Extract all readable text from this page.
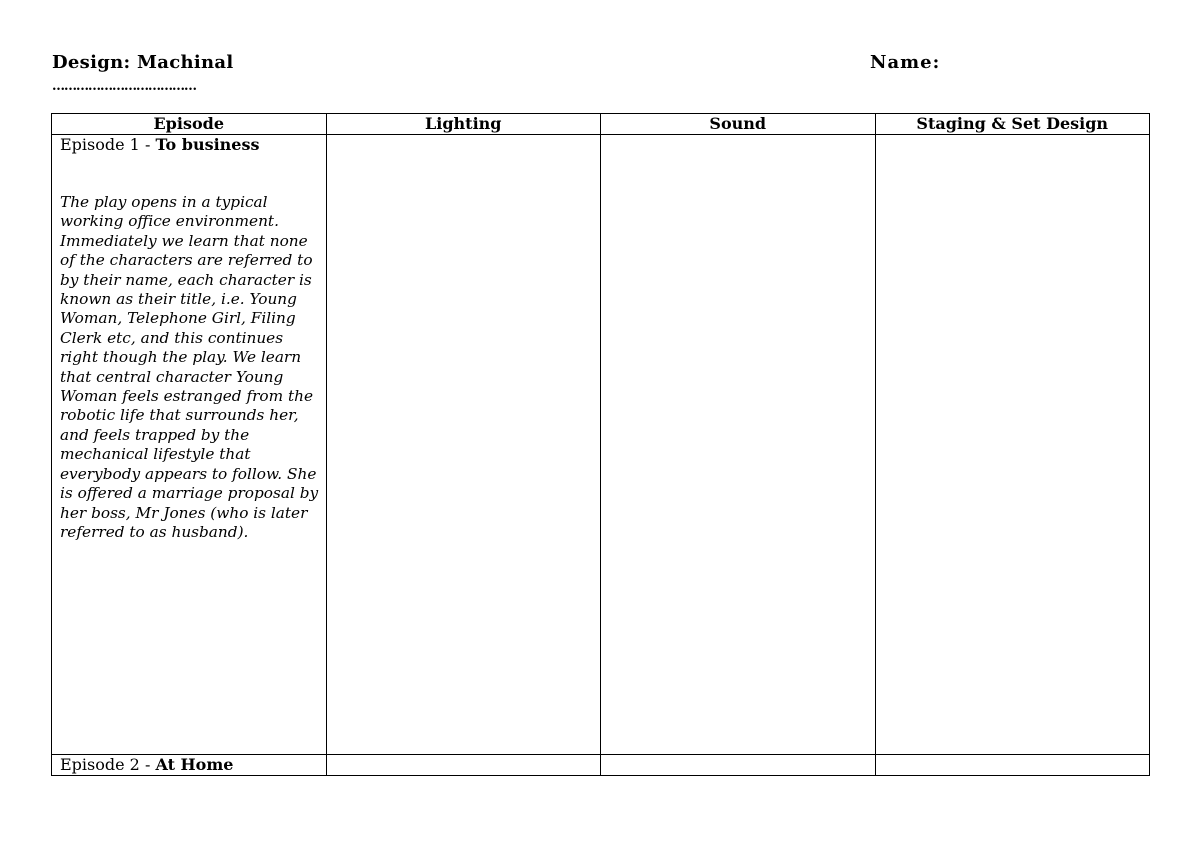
Design: Machinal	Name:
………………………………
Episode	Lighting	Sound	Staging & Set Design

Episode 1 - To business
The play opens in a typical working office environment. Immediately we learn that none of the characters are referred to by their name, each character is known as their title, i.e. Young Woman, Telephone Girl, Filing Clerk etc, and this continues right though the play. We learn that central character Young Woman feels estranged from the robotic life that surrounds her, and feels trapped by the mechanical lifestyle that everybody appears to follow. She is offered a marriage proposal by her boss, Mr Jones (who is later referred to as husband).			

Episode 2 - At Home			
